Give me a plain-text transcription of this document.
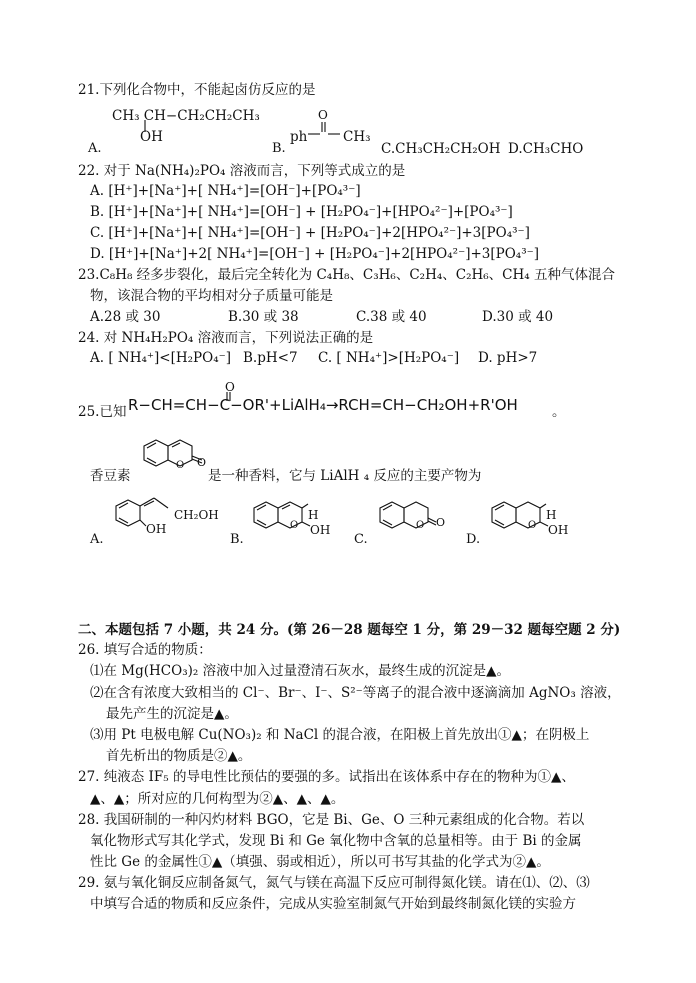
21.下列化合物中，不能起卤仿反应的是
CH₃ CH−CH₂CH₂CH₃
OH
A.	B.
ph
O
CH₃
C.CH₃CH₂CH₂OH D.CH₃CHO
22. 对于 Na(NH₄)₂PO₄ 溶液而言，下列等式成立的是
A. [H⁺]+[Na⁺]+[ NH₄⁺]=[OH⁻]+[PO₄³⁻]
B. [H⁺]+[Na⁺]+[ NH₄⁺]=[OH⁻] + [H₂PO₄⁻]+[HPO₄²⁻]+[PO₄³⁻]
C. [H⁺]+[Na⁺]+[ NH₄⁺]=[OH⁻] + [H₂PO₄⁻]+2[HPO₄²⁻]+3[PO₄³⁻]
D. [H⁺]+[Na⁺]+2[ NH₄⁺]=[OH⁻] + [H₂PO₄⁻]+2[HPO₄²⁻]+3[PO₄³⁻]
23.C₈H₈ 经多步裂化，最后完全转化为 C₄H₈、C₃H₆、C₂H₄、C₂H₆、CH₄ 五种气体混合
物，该混合物的平均相对分子质量可能是
A.28 或 30	B.30 或 38	C.38 或 40	D.30 或 40
24. 对 NH₄H₂PO₄ 溶液而言，下列说法正确的是
A. [ NH₄⁺]<[H₂PO₄⁻] B.pH<7 C. [ NH₄⁺]>[H₂PO₄⁻] D. pH>7
25.已知
O
R−CH=CH−C−OR'+LiAlH₄→RCH=CH−CH₂OH+R'OH	。
O O
香豆素	是一种香料，它与 LiAlH ₄ 反应的主要产物为
A.
CH₂OH
OH
B.
O
H
OH
C.
O O
D.
O
H
OH
二、本题包括 7 小题，共 24 分。(第 26－28 题每空 1 分，第 29－32 题每空题 2 分)
26. 填写合适的物质：
⑴在 Mg(HCO₃)₂ 溶液中加入过量澄清石灰水，最终生成的沉淀是▲。
⑵在含有浓度大致相当的 Cl⁻、Br⁻、I⁻、S²⁻等离子的混合液中逐滴滴加 AgNO₃ 溶液，
最先产生的沉淀是▲。
⑶用 Pt 电极电解 Cu(NO₃)₂ 和 NaCl 的混合液，在阳极上首先放出①▲；在阴极上
首先析出的物质是②▲。
27. 纯液态 IF₅ 的导电性比预估的要强的多。试指出在该体系中存在的物种为①▲、
▲、▲；所对应的几何构型为②▲、▲、▲。
28. 我国研制的一种闪灼材料 BGO，它是 Bi、Ge、O 三种元素组成的化合物。若以
氧化物形式写其化学式，发现 Bi 和 Ge 氧化物中含氧的总量相等。由于 Bi 的金属
性比 Ge 的金属性①▲（填强、弱或相近），所以可书写其盐的化学式为②▲。
29. 氨与氧化铜反应制备氮气，氮气与镁在高温下反应可制得氮化镁。请在⑴、⑵、⑶
中填写合适的物质和反应条件，完成从实验室制氮气开始到最终制氮化镁的实验方
